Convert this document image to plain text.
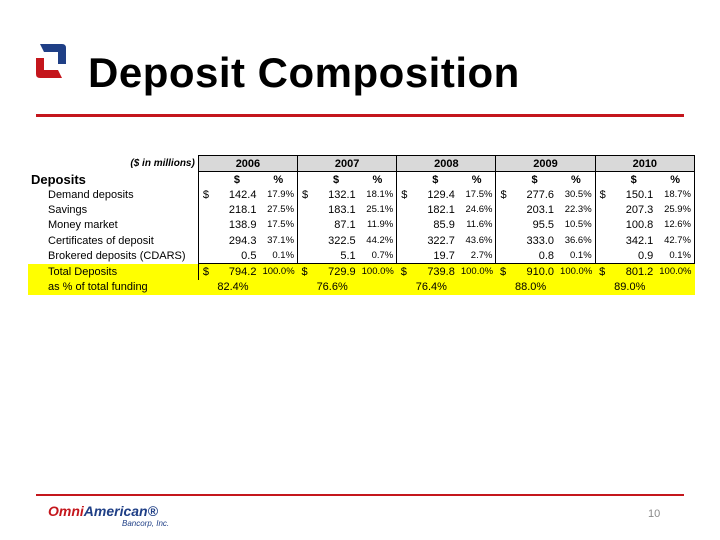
Deposit Composition
($ in millions)	2006			2007			2008			2009			2010		
Deposits		$	%		$	%		$	%		$	%		$	%
Demand deposits	$	142.4	17.9%	$	132.1	18.1%	$	129.4	17.5%	$	277.6	30.5%	$	150.1	18.7%
Savings		218.1	27.5%		183.1	25.1%		182.1	24.6%		203.1	22.3%		207.3	25.9%
Money market		138.9	17.5%		87.1	11.9%		85.9	11.6%		95.5	10.5%		100.8	12.6%
Certificates of deposit		294.3	37.1%		322.5	44.2%		322.7	43.6%		333.0	36.6%		342.1	42.7%
Brokered deposits (CDARS)		0.5	0.1%		5.1	0.7%		19.7	2.7%		0.8	0.1%		0.9	0.1%
Total Deposits	$	794.2	100.0%	$	729.9	100.0%	$	739.8	100.0%	$	910.0	100.0%	$	801.2	100.0%
as % of total funding		82.4%			76.6%			76.4%			88.0%			89.0%	
OmniAmerican®
Bancorp, Inc.
10
